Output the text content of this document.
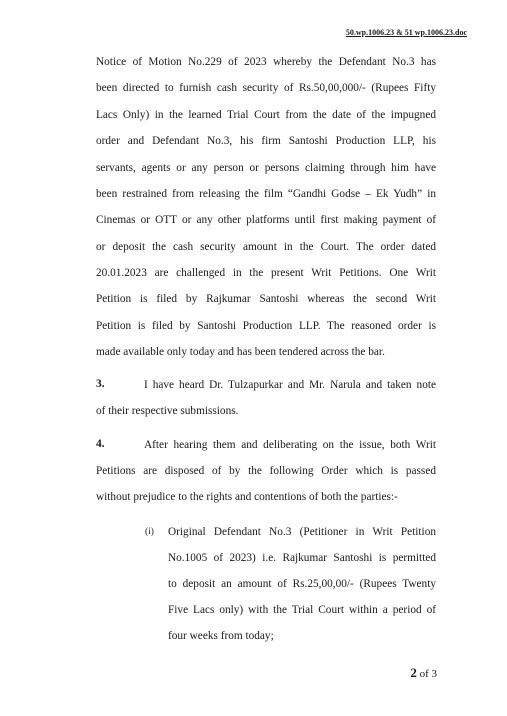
50.wp.1006.23 & 51 wp.1006.23.doc
Notice of Motion No.229 of 2023 whereby the Defendant No.3 has
been directed to furnish cash security of Rs.50,00,000/- (Rupees Fifty
Lacs Only) in the learned Trial Court from the date of the impugned
order and Defendant No.3, his firm Santoshi Production LLP, his
servants, agents or any person or persons claiming through him have
been restrained from releasing the film “Gandhi Godse – Ek Yudh” in
Cinemas or OTT or any other platforms until first making payment of
or deposit the cash security amount in the Court. The order dated
20.01.2023 are challenged in the present Writ Petitions. One Writ
Petition is filed by Rajkumar Santoshi whereas the second Writ
Petition is filed by Santoshi Production LLP. The reasoned order is
made available only today and has been tendered across the bar.
3.	I have heard Dr. Tulzapurkar and Mr. Narula and taken note
of their respective submissions.
4.	After hearing them and deliberating on the issue, both Writ
Petitions are disposed of by the following Order which is passed
without prejudice to the rights and contentions of both the parties:-
(i) Original Defendant No.3 (Petitioner in Writ Petition
No.1005 of 2023) i.e. Rajkumar Santoshi is permitted
to deposit an amount of Rs.25,00,00/- (Rupees Twenty
Five Lacs only) with the Trial Court within a period of
four weeks from today;
2 of 3
